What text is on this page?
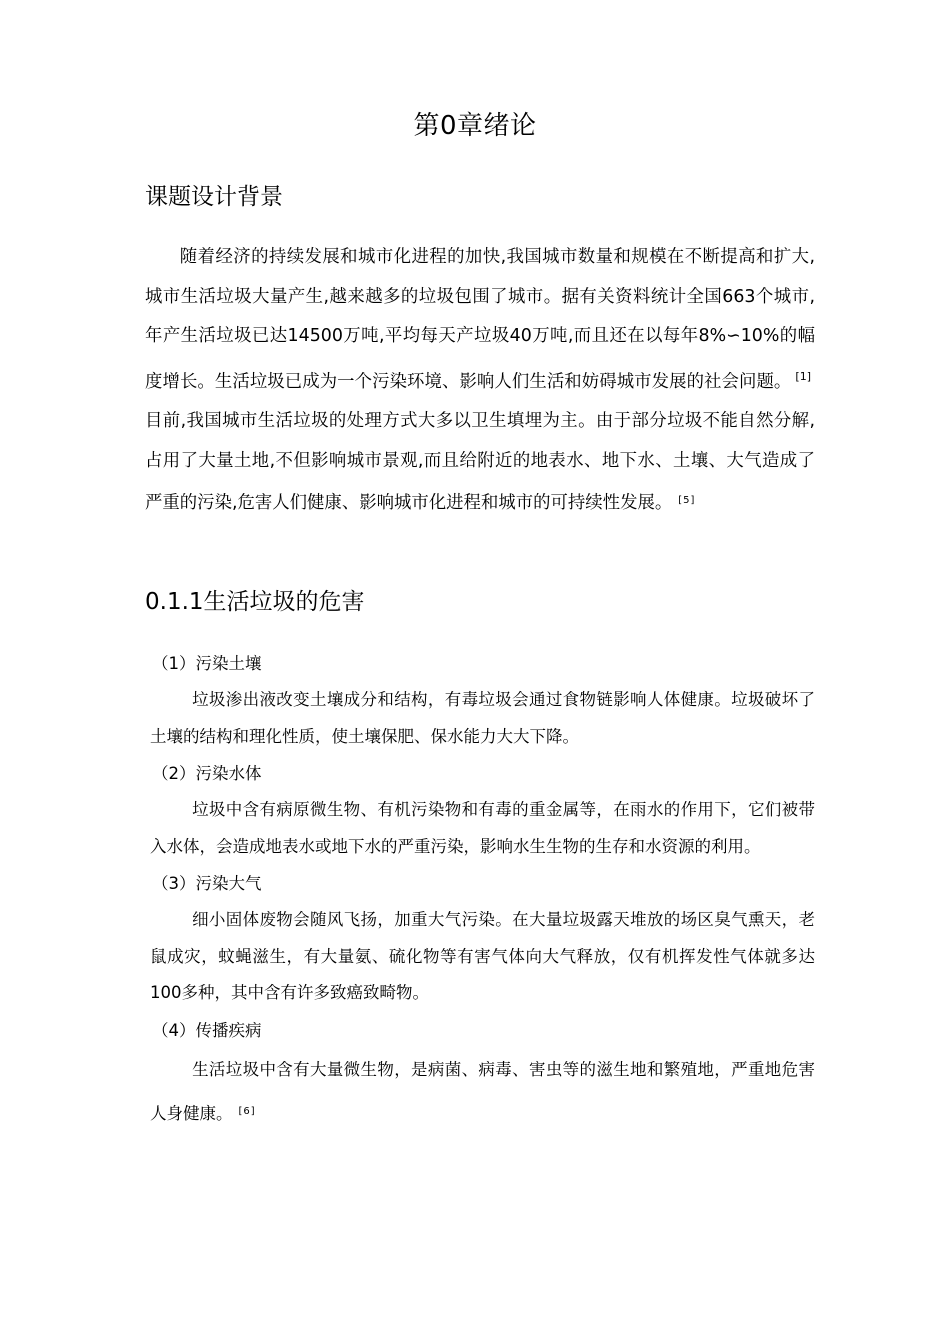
第0章绪论
课题设计背景

随着经济的持续发展和城市化进程的加快,我国城市数量和规模在不断提高和扩大,城市生活垃圾大量产生,越来越多的垃圾包围了城市。据有关资料统计全国663个城市,年产生活垃圾已达14500万吨,平均每天产垃圾40万吨,而且还在以每年8%∽10%的幅度增长。生活垃圾已成为一个污染环境、影响人们生活和妨碍城市发展的社会问题。 [1]目前,我国城市生活垃圾的处理方式大多以卫生填埋为主。由于部分垃圾不能自然分解,占用了大量土地,不但影响城市景观,而且给附近的地表水、地下水、土壤、大气造成了严重的污染,危害人们健康、影响城市化进程和城市的可持续性发展。 [5]

0.1.1生活垃圾的危害
（1）污染土壤

垃圾渗出液改变土壤成分和结构，有毒垃圾会通过食物链影响人体健康。垃圾破坏了土壤的结构和理化性质，使土壤保肥、保水能力大大下降。

（2）污染水体

垃圾中含有病原微生物、有机污染物和有毒的重金属等，在雨水的作用下，它们被带入水体，会造成地表水或地下水的严重污染，影响水生生物的生存和水资源的利用。

（3）污染大气

细小固体废物会随风飞扬，加重大气污染。在大量垃圾露天堆放的场区臭气熏天，老鼠成灾，蚊蝇滋生，有大量氨、硫化物等有害气体向大气释放，仅有机挥发性气体就多达100多种，其中含有许多致癌致畸物。

（4）传播疾病

生活垃圾中含有大量微生物，是病菌、病毒、害虫等的滋生地和繁殖地，严重地危害人身健康。 [6]
